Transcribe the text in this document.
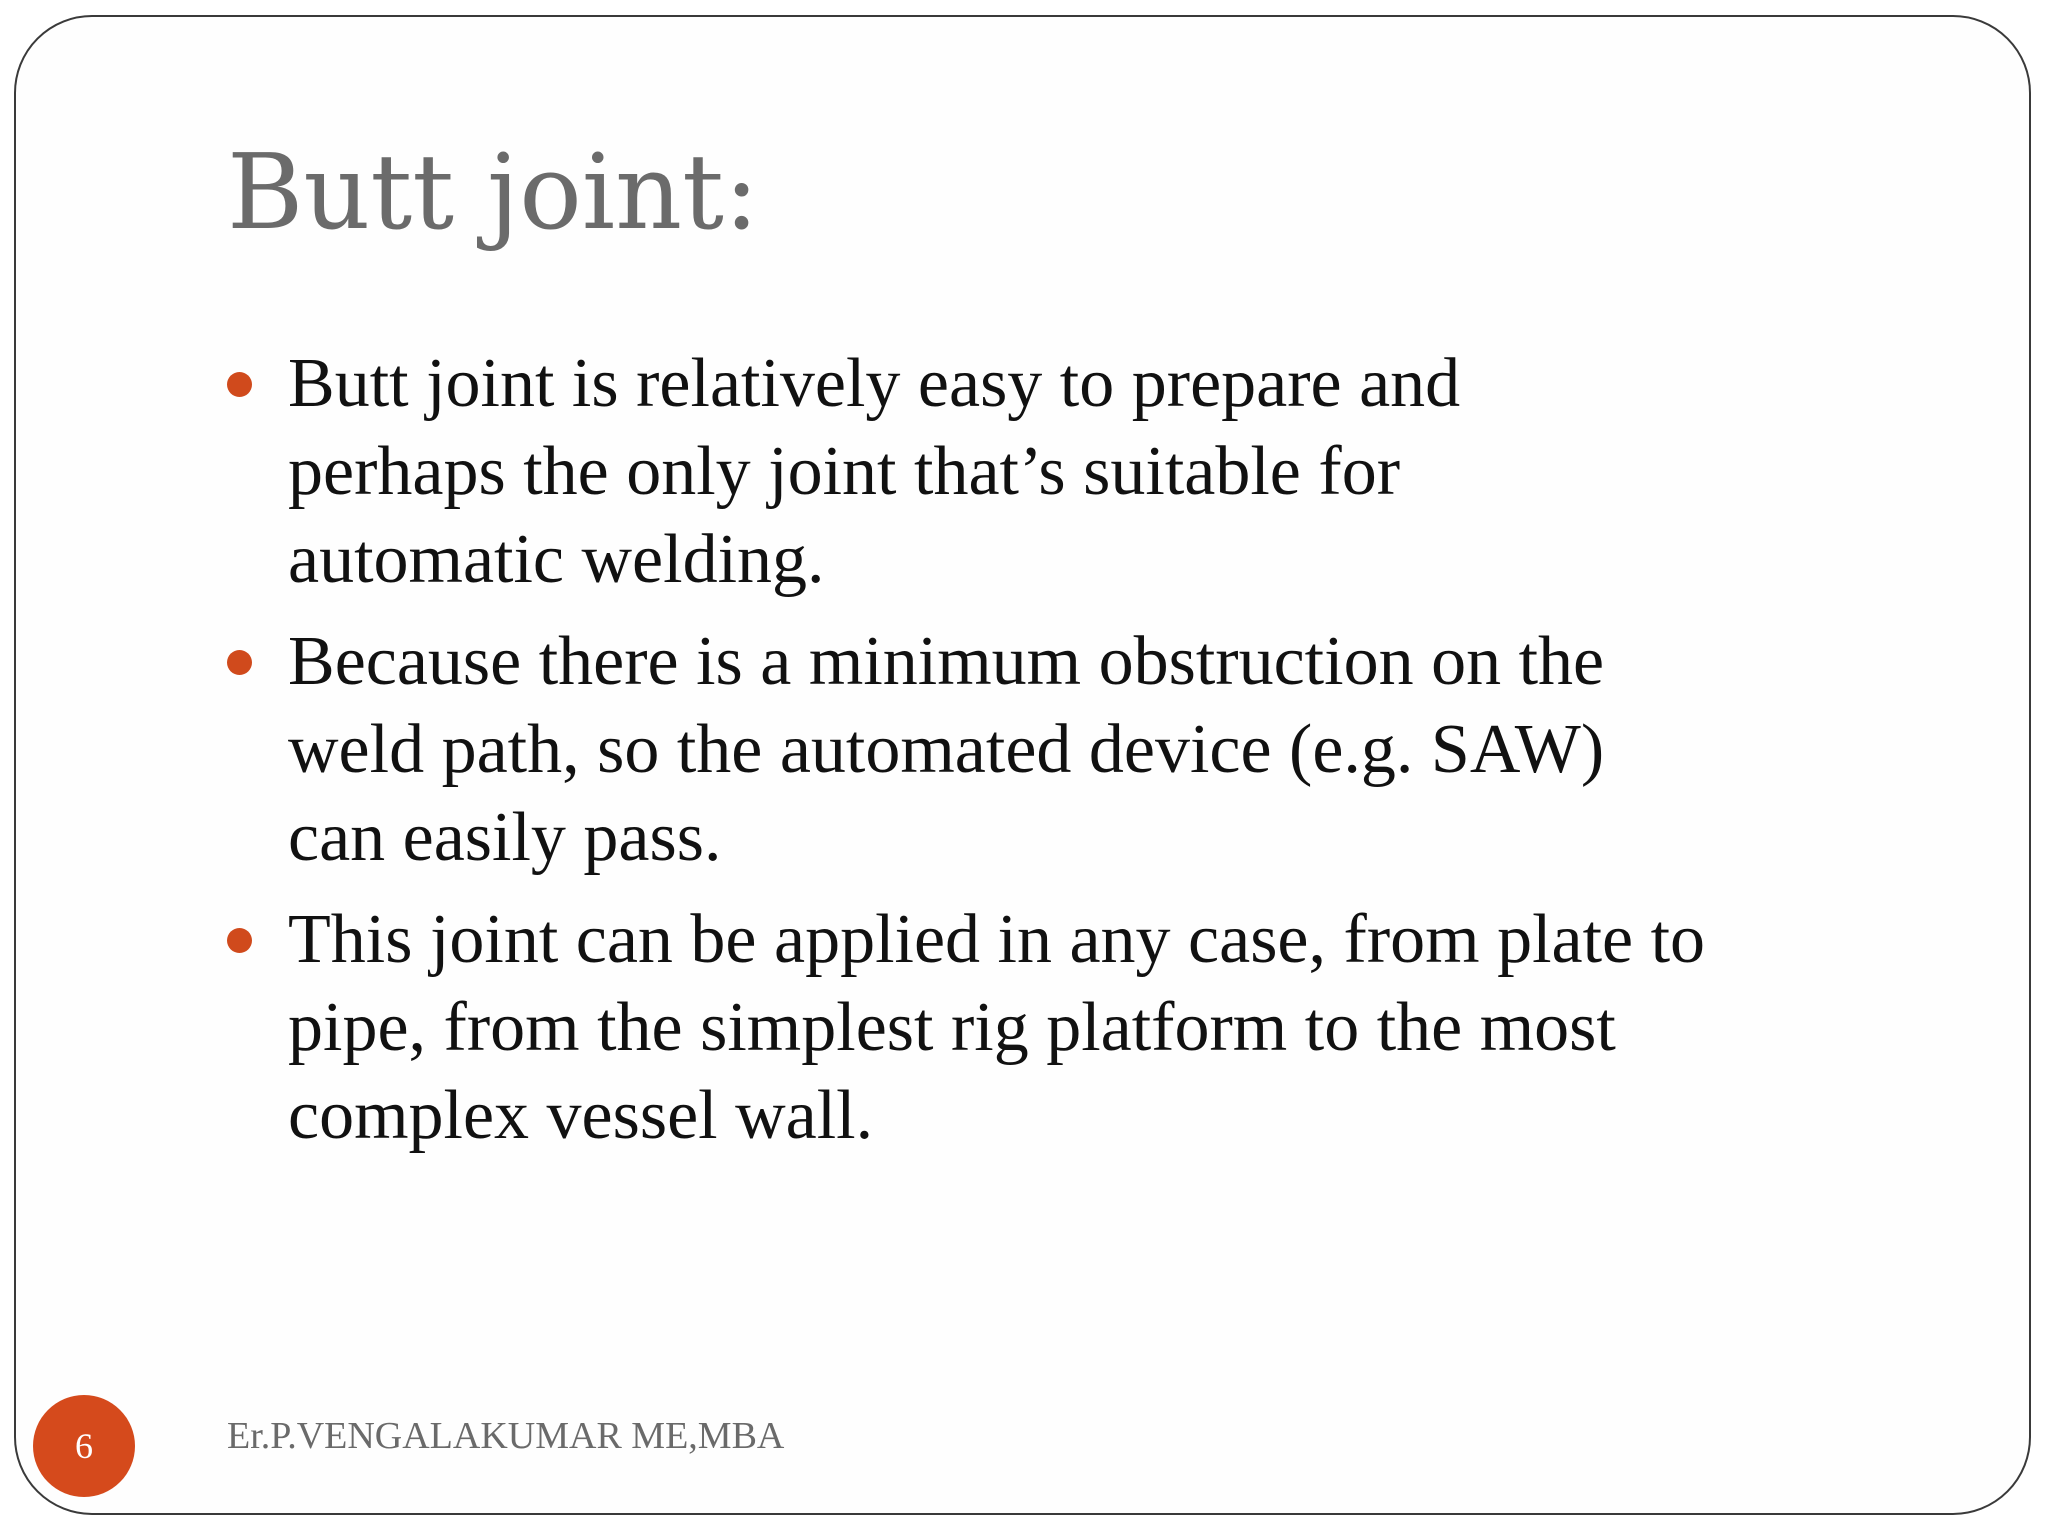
Butt joint:
Butt joint is relatively easy to prepare and
perhaps the only joint that’s suitable for
automatic welding.
Because there is a minimum obstruction on the
weld path, so the automated device (e.g. SAW)
can easily pass.
This joint can be applied in any case, from plate to
pipe, from the simplest rig platform to the most
complex vessel wall.
6	Er.P.VENGALAKUMAR ME,MBA
